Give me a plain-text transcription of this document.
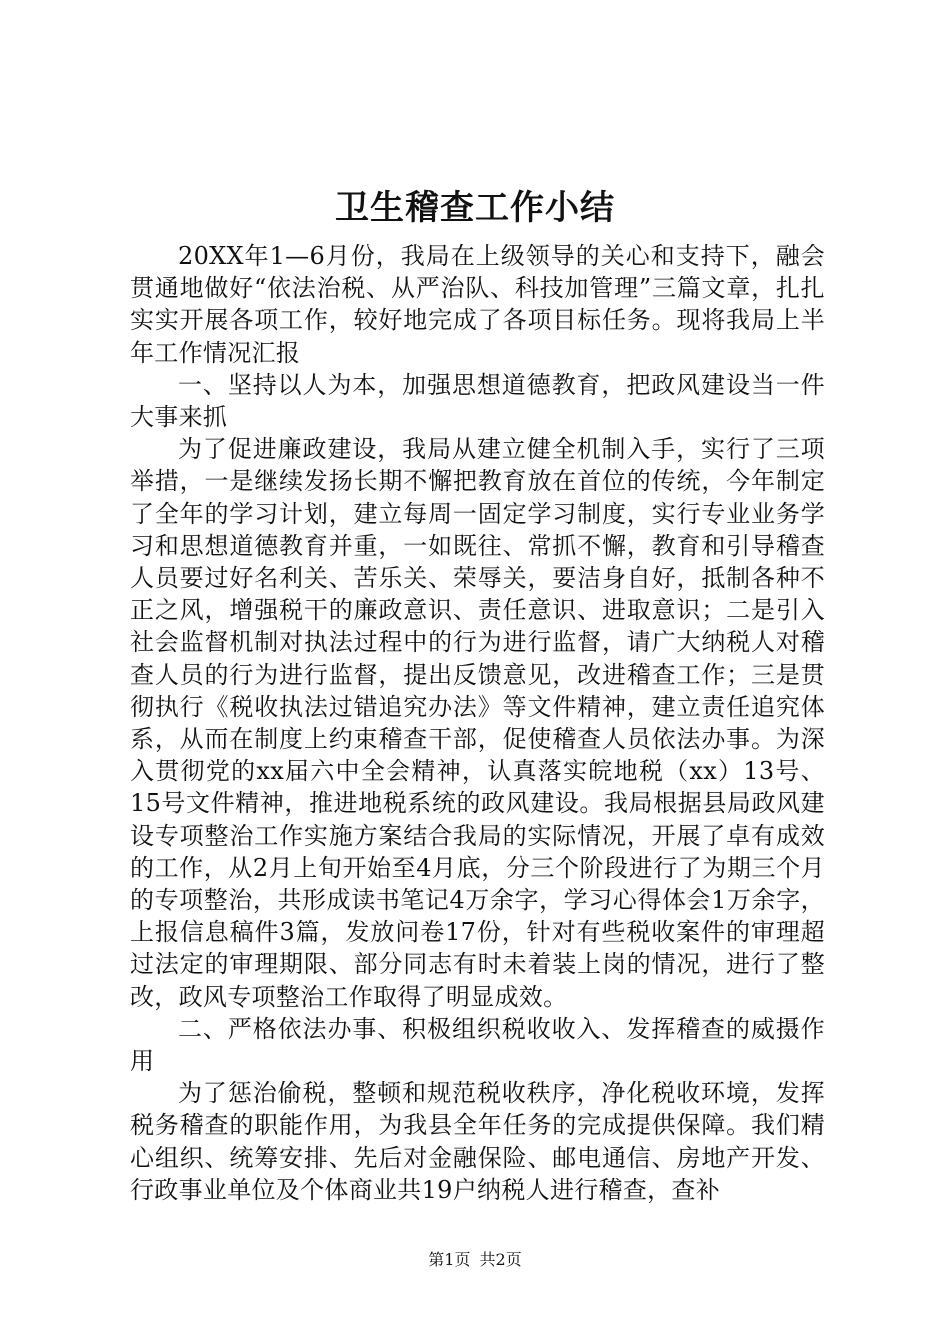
卫生稽查工作小结

20XX年1—6月份，我局在上级领导的关心和支持下，融会贯通地做好“依法治税、从严治队、科技加管理”三篇文章，扎扎实实开展各项工作，较好地完成了各项目标任务。现将我局上半年工作情况汇报

一、坚持以人为本，加强思想道德教育，把政风建设当一件大事来抓

为了促进廉政建设，我局从建立健全机制入手，实行了三项举措，一是继续发扬长期不懈把教育放在首位的传统，今年制定了全年的学习计划，建立每周一固定学习制度，实行专业业务学习和思想道德教育并重，一如既往、常抓不懈，教育和引导稽查人员要过好名利关、苦乐关、荣辱关，要洁身自好，抵制各种不正之风，增强税干的廉政意识、责任意识、进取意识；二是引入社会监督机制对执法过程中的行为进行监督，请广大纳税人对稽查人员的行为进行监督，提出反馈意见，改进稽查工作；三是贯彻执行《税收执法过错追究办法》等文件精神，建立责任追究体系，从而在制度上约束稽查干部，促使稽查人员依法办事。为深入贯彻党的xx届六中全会精神，认真落实皖地税（xx）13号、15号文件精神，推进地税系统的政风建设。我局根据县局政风建设专项整治工作实施方案结合我局的实际情况，开展了卓有成效的工作，从2月上旬开始至4月底，分三个阶段进行了为期三个月的专项整治，共形成读书笔记4万余字，学习心得体会1万余字，上报信息稿件3篇，发放问卷17份，针对有些税收案件的审理超过法定的审理期限、部分同志有时未着装上岗的情况，进行了整改，政风专项整治工作取得了明显成效。

二、严格依法办事、积极组织税收收入、发挥稽查的威摄作用

为了惩治偷税，整顿和规范税收秩序，净化税收环境，发挥税务稽查的职能作用，为我县全年任务的完成提供保障。我们精心组织、统筹安排、先后对金融保险、邮电通信、房地产开发、行政事业单位及个体商业共19户纳税人进行稽查，查补

第1页 共2页
